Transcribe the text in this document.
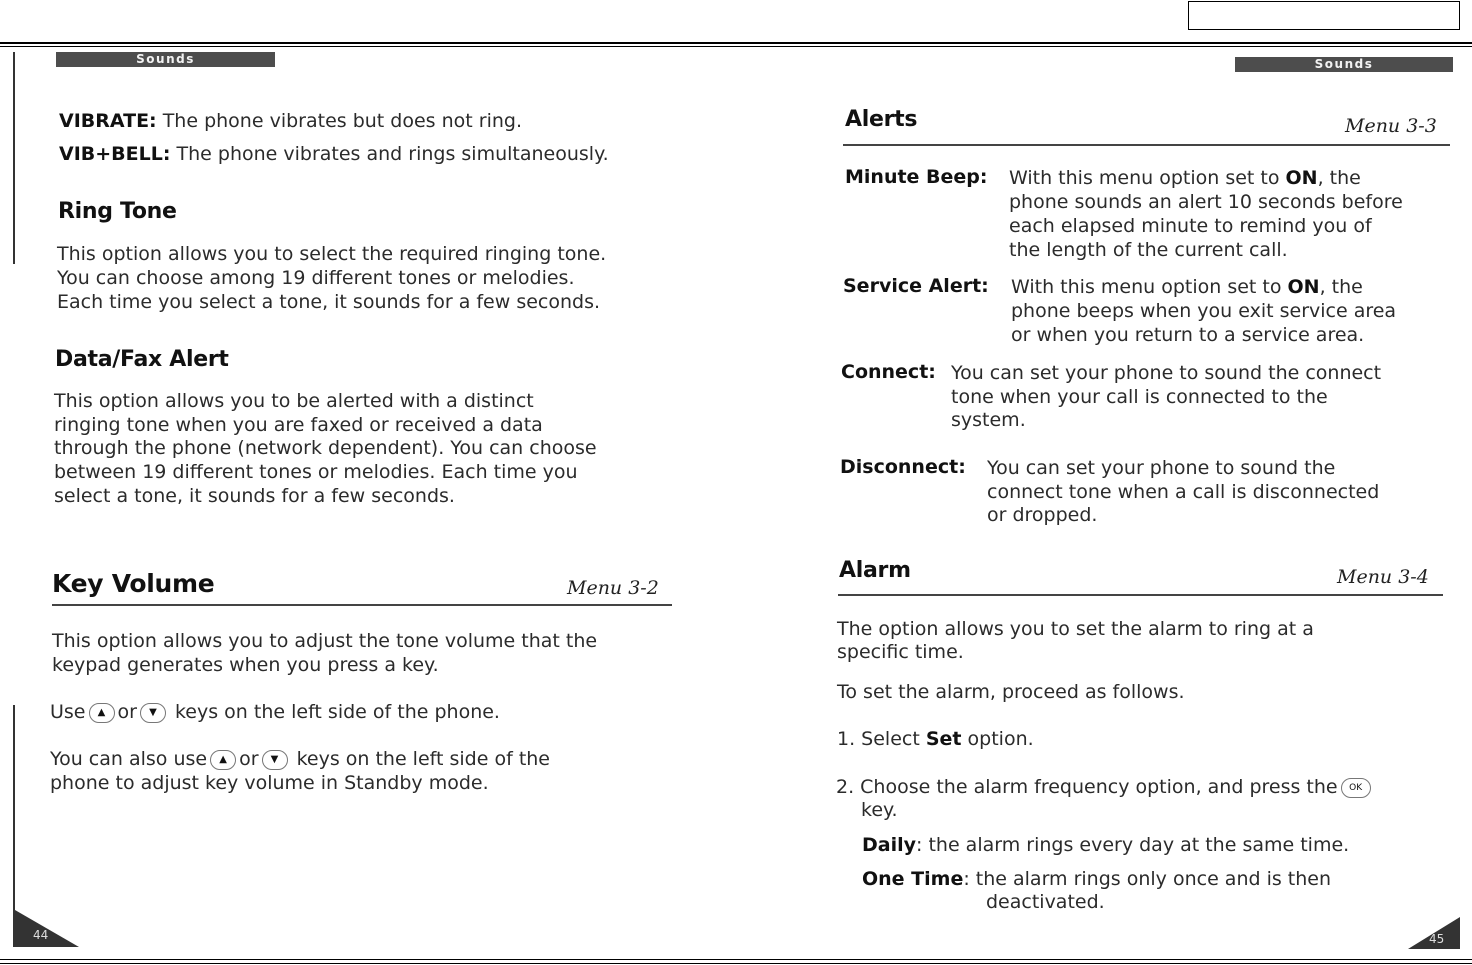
Sounds
VIBRATE: The phone vibrates but does not ring.
VIB+BELL: The phone vibrates and rings simultaneously.
Ring Tone
This option allows you to select the required ringing tone.
You can choose among 19 different tones or melodies.
Each time you select a tone, it sounds for a few seconds.
Data/Fax Alert
This option allows you to be alerted with a distinct
ringing tone when you are faxed or received a data
through the phone (network dependent). You can choose
between 19 different tones or melodies. Each time you
select a tone, it sounds for a few seconds.
Key Volume	Menu 3-2
This option allows you to adjust the tone volume that the
keypad generates when you press a key.
Use ▲ or ▼ keys on the left side of the phone.
You can also use ▲ or ▼ keys on the left side of the
phone to adjust key volume in Standby mode.
44
Sounds
Alerts	Menu 3-3
Minute Beep: With this menu option set to ON, the
phone sounds an alert 10 seconds before
each elapsed minute to remind you of
the length of the current call.
Service Alert: With this menu option set to ON, the
phone beeps when you exit service area
or when you return to a service area.
Connect: You can set your phone to sound the connect
tone when your call is connected to the
system.
Disconnect: You can set your phone to sound the
connect tone when a call is disconnected
or dropped.
Alarm	Menu 3-4
The option allows you to set the alarm to ring at a
specific time.
To set the alarm, proceed as follows.
1. Select Set option.
2. Choose the alarm frequency option, and press the OK
key.
Daily: the alarm rings every day at the same time.
One Time: the alarm rings only once and is then
deactivated.
45
